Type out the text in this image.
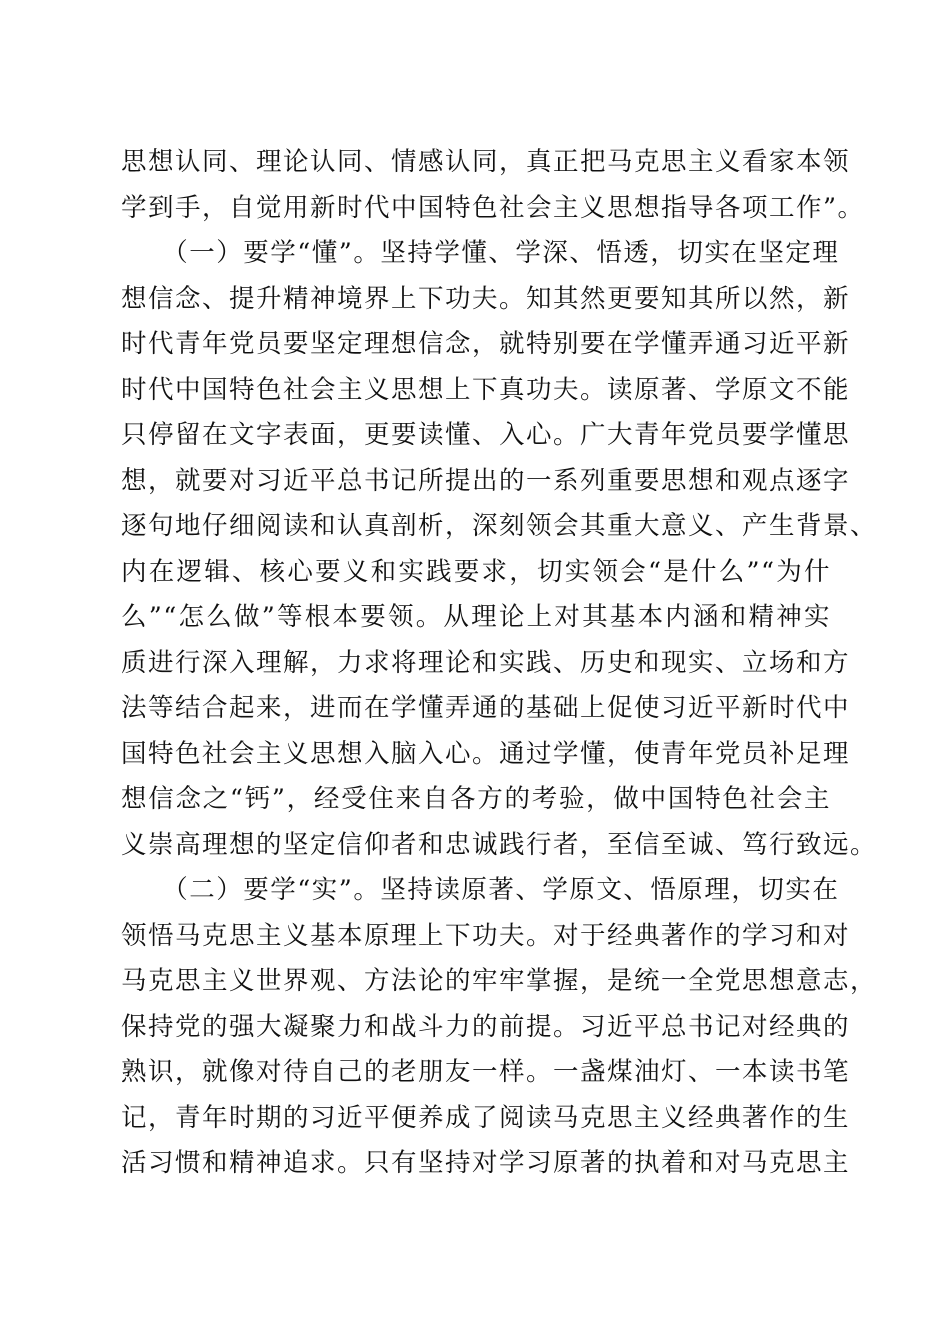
思想认同、理论认同、情感认同，真正把马克思主义看家本领
学到手，自觉用新时代中国特色社会主义思想指导各项工作”。
　　（一）要学“懂”。坚持学懂、学深、悟透，切实在坚定理
想信念、提升精神境界上下功夫。知其然更要知其所以然，新
时代青年党员要坚定理想信念，就特别要在学懂弄通习近平新
时代中国特色社会主义思想上下真功夫。读原著、学原文不能
只停留在文字表面，更要读懂、入心。广大青年党员要学懂思
想，就要对习近平总书记所提出的一系列重要思想和观点逐字
逐句地仔细阅读和认真剖析，深刻领会其重大意义、产生背景、
内在逻辑、核心要义和实践要求，切实领会“是什么”“为什
么”“怎么做”等根本要领。从理论上对其基本内涵和精神实
质进行深入理解，力求将理论和实践、历史和现实、立场和方
法等结合起来，进而在学懂弄通的基础上促使习近平新时代中
国特色社会主义思想入脑入心。通过学懂，使青年党员补足理
想信念之“钙”，经受住来自各方的考验，做中国特色社会主
义崇高理想的坚定信仰者和忠诚践行者，至信至诚、笃行致远。
　　（二）要学“实”。坚持读原著、学原文、悟原理，切实在
领悟马克思主义基本原理上下功夫。对于经典著作的学习和对
马克思主义世界观、方法论的牢牢掌握，是统一全党思想意志，
保持党的强大凝聚力和战斗力的前提。习近平总书记对经典的
熟识，就像对待自己的老朋友一样。一盏煤油灯、一本读书笔
记，青年时期的习近平便养成了阅读马克思主义经典著作的生
活习惯和精神追求。只有坚持对学习原著的执着和对马克思主
